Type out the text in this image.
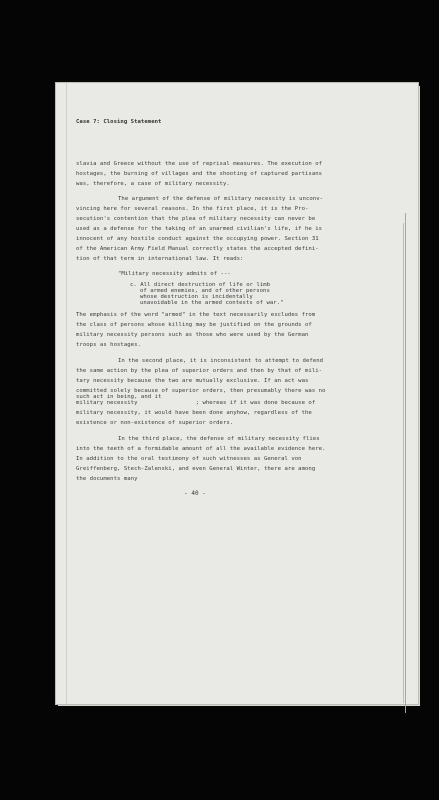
Case 7: Closing Statement
slavia and Greece without the use of reprisal measures. The execution of
hostages, the burning of villages and the shooting of captured partisans
was, therefore, a case of military necessity.
The argument of the defense of military necessity is unconv-
vincing here for several reasons. In the first place, it is the Pro-
secution's contention that the plea of military necessity can never be
used as a defense for the taking of an unarmed civilian's life, if he is
innocent of any hostile conduct against the occupying power. Section 31
of the American Army Field Manual correctly states the accepted defini-
tion of that term in international law. It reads:
"Military necessity admits of ---
c. All direct destruction of life or limb
of armed enemies, and of other persons
whose destruction is incidentally
unavoidable in the armed contests of war."
The emphasis of the word "armed" in the text necessarily excludes from
the class of persons whose killing may be justified on the grounds of
military necessity persons such as those who were used by the German
troops as hostages.
In the second place, it is inconsistent to attempt to defend
the same action by the plea of superior orders and then by that of mili-
tary necessity because the two are mutually exclusive. If an act was
committed solely because of superior orders, then presumably there was no
such act in being, and it
military necessity                 ; whereas if it was done because of
military necessity, it would have been done anyhow, regardless of the
existence or non-existence of superior orders.
In the third place, the defense of military necessity flies
into the teeth of a formidable amount of all the available evidence here.
In addition to the oral testimony of such witnesses as General von
Greiffenberg, Stech-Zalenski, and even General Winter, there are among
the documents many
- 40 -
